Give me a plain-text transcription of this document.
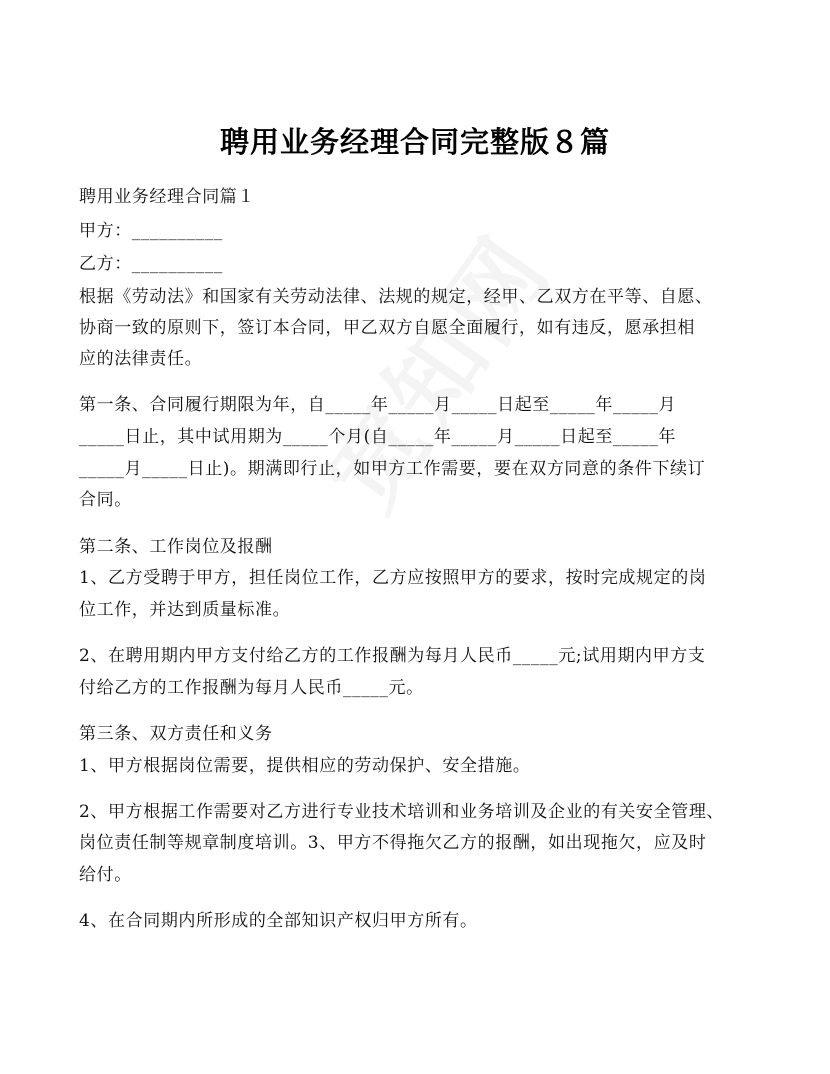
聘用业务经理合同完整版８篇
聘用业务经理合同篇１
甲方：__________
乙方：__________
根据《劳动法》和国家有关劳动法律、法规的规定，经甲、乙双方在平等、自愿、
协商一致的原则下，签订本合同，甲乙双方自愿全面履行，如有违反，愿承担相
应的法律责任。
第一条、合同履行期限为年，自_____年_____月_____日起至_____年_____月
_____日止，其中试用期为_____个月(自_____年_____月_____日起至_____年
_____月_____日止)。期满即行止，如甲方工作需要，要在双方同意的条件下续订
合同。
第二条、工作岗位及报酬
1、乙方受聘于甲方，担任岗位工作，乙方应按照甲方的要求，按时完成规定的岗
位工作，并达到质量标准。
2、在聘用期内甲方支付给乙方的工作报酬为每月人民币_____元;试用期内甲方支
付给乙方的工作报酬为每月人民币_____元。
第三条、双方责任和义务
1、甲方根据岗位需要，提供相应的劳动保护、安全措施。
2、甲方根据工作需要对乙方进行专业技术培训和业务培训及企业的有关安全管理、
岗位责任制等规章制度培训。3、甲方不得拖欠乙方的报酬，如出现拖欠，应及时
给付。
4、在合同期内所形成的全部知识产权归甲方所有。
